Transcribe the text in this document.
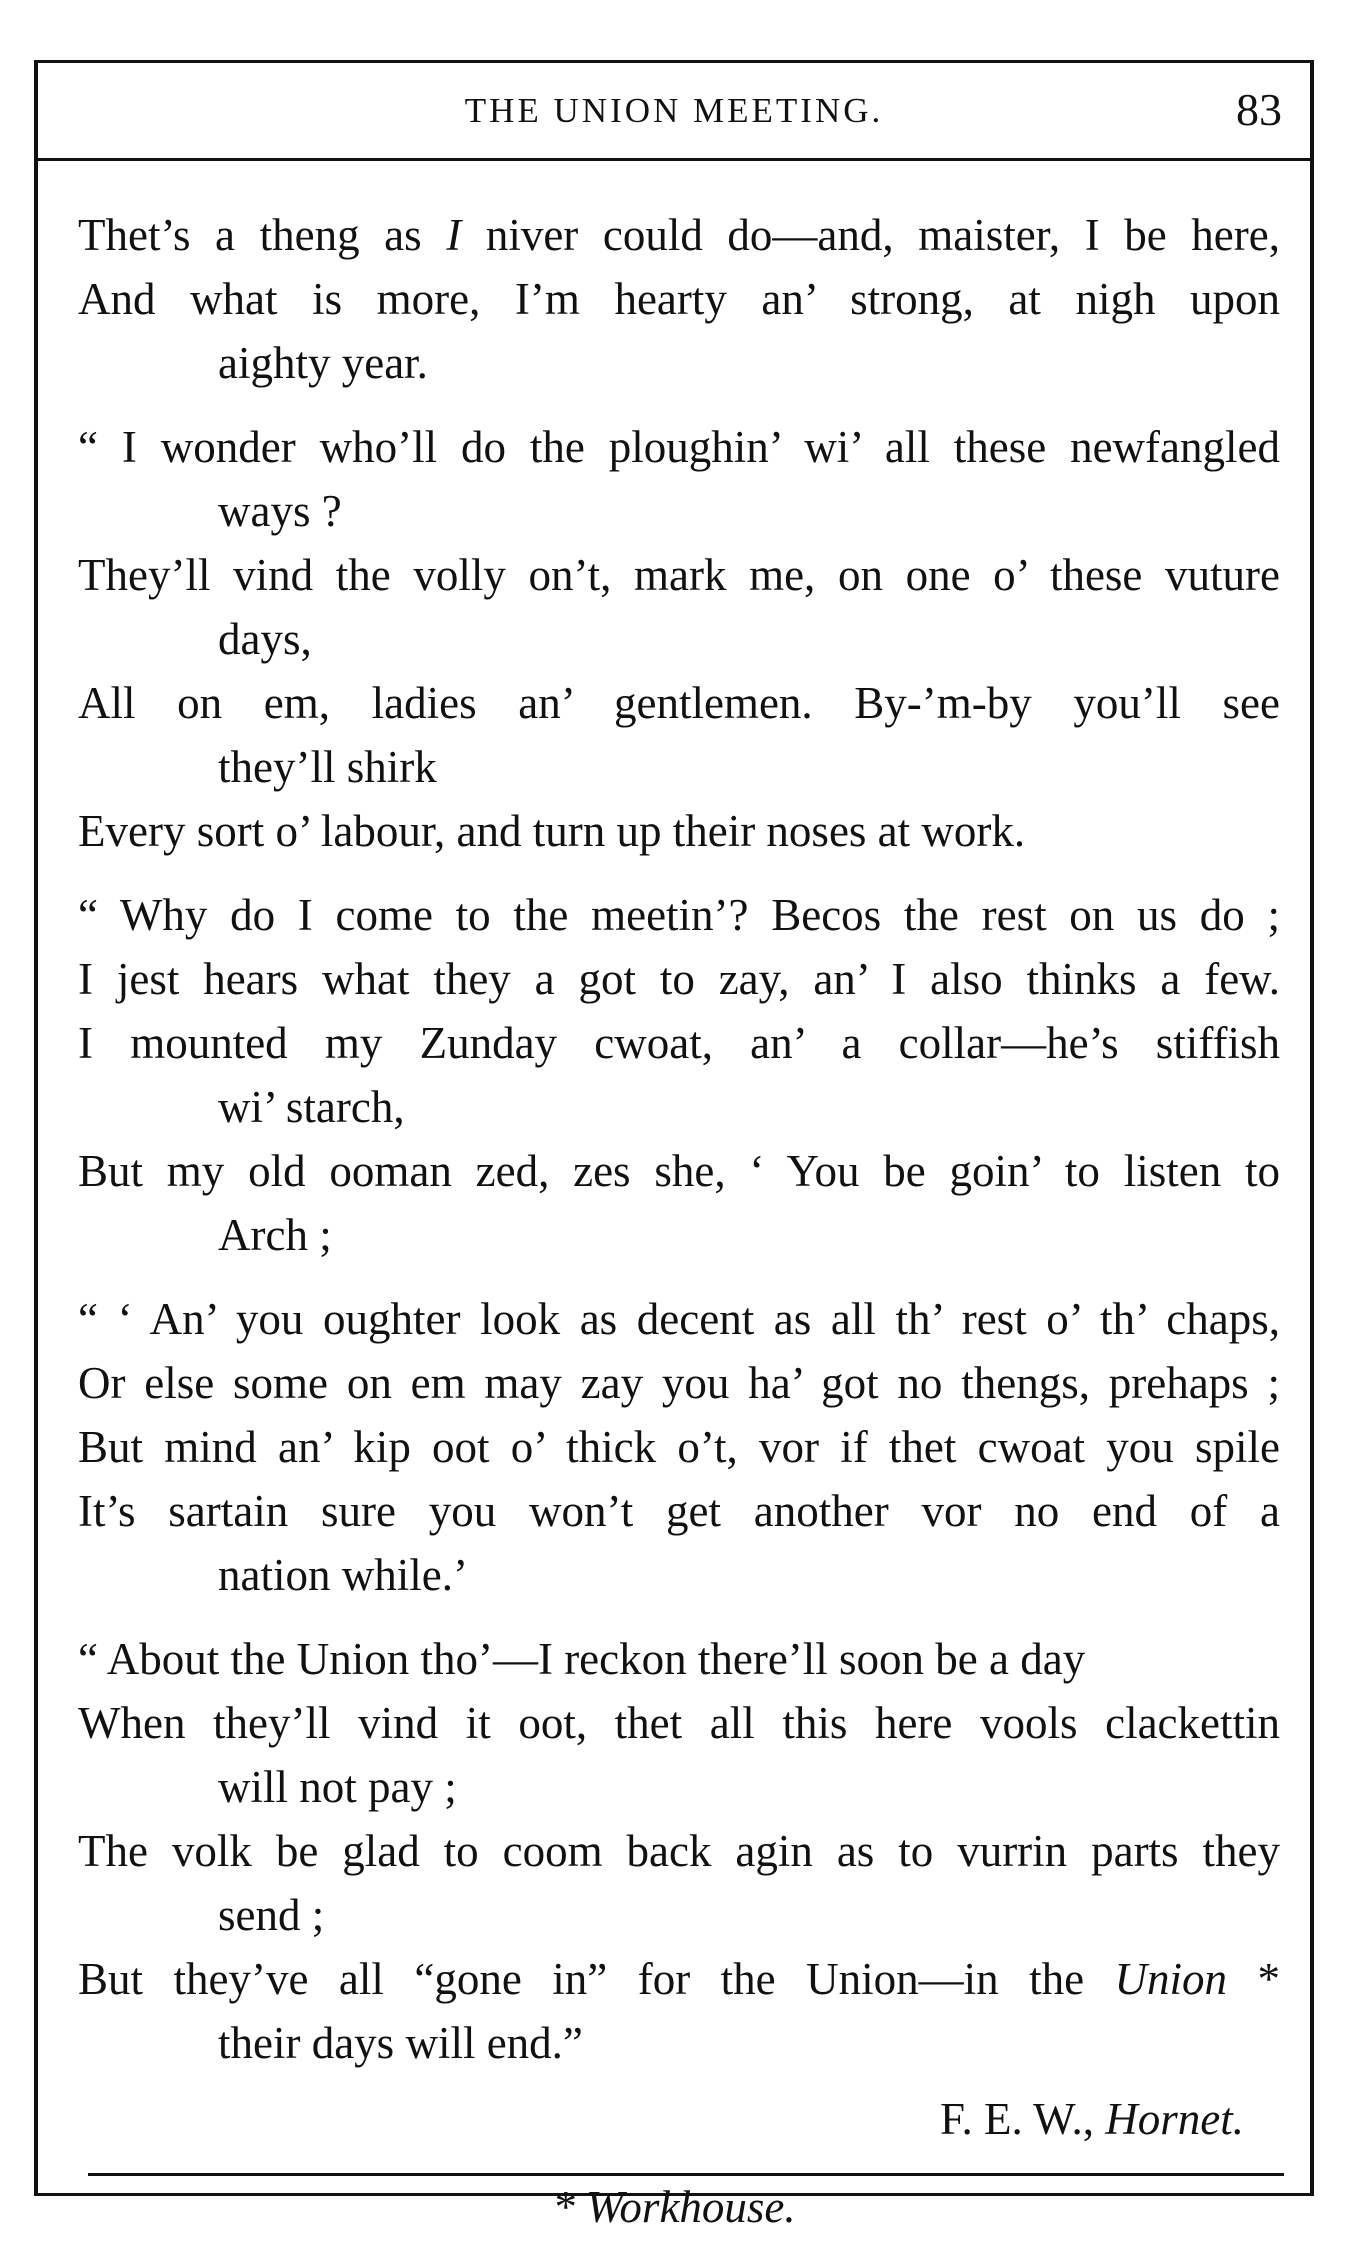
THE UNION MEETING.	83
Thet’s a theng as I niver could do—and, maister, I be here,
And what is more, I’m hearty an’ strong, at nigh upon
aighty year.
“ I wonder who’ll do the ploughin’ wi’ all these newfangled
ways ?
They’ll vind the volly on’t, mark me, on one o’ these vuture
days,
All on em, ladies an’ gentlemen. By-’m-by you’ll see
they’ll shirk
Every sort o’ labour, and turn up their noses at work.
“ Why do I come to the meetin’? Becos the rest on us do ;
I jest hears what they a got to zay, an’ I also thinks a few.
I mounted my Zunday cwoat, an’ a collar—he’s stiffish
wi’ starch,
But my old ooman zed, zes she, ‘ You be goin’ to listen to
Arch ;
“ ‘ An’ you oughter look as decent as all th’ rest o’ th’ chaps,
Or else some on em may zay you ha’ got no thengs, prehaps ;
But mind an’ kip oot o’ thick o’t, vor if thet cwoat you spile
It’s sartain sure you won’t get another vor no end of a
nation while.’
“ About the Union tho’—I reckon there’ll soon be a day
When they’ll vind it oot, thet all this here vools clackettin
will not pay ;
The volk be glad to coom back agin as to vurrin parts they
send ;
But they’ve all “gone in” for the Union—in the Union *
their days will end.”
F. E. W., Hornet.
* Workhouse.
